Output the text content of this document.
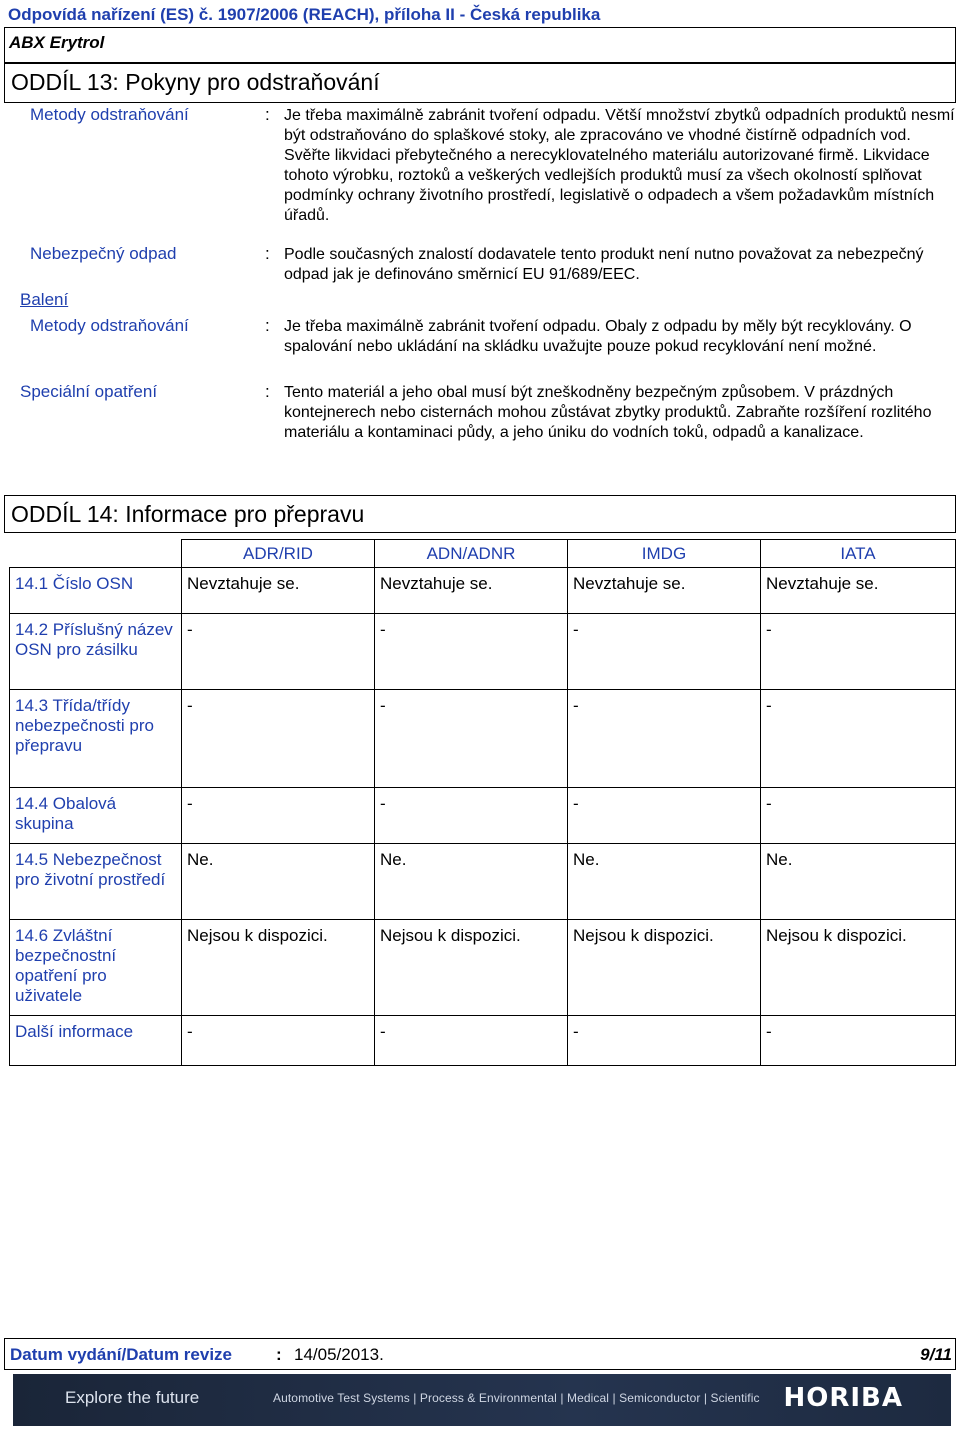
Odpovídá nařízení (ES) č. 1907/2006 (REACH), příloha II - Česká republika
ABX Erytrol
ODDÍL 13: Pokyny pro odstraňování
Metody odstraňování	: Je třeba maximálně zabránit tvoření odpadu. Větší množství zbytků odpadních produktů nesmí být odstraňováno do splaškové stoky, ale zpracováno ve vhodné čistírně odpadních vod. Svěřte likvidaci přebytečného a nerecyklovatelného materiálu autorizované firmě. Likvidace tohoto výrobku, roztoků a veškerých vedlejších produktů musí za všech okolností splňovat podmínky ochrany životního prostředí, legislativě o odpadech a všem požadavkům místních úřadů.
Nebezpečný odpad	: Podle současných znalostí dodavatele tento produkt není nutno považovat za nebezpečný odpad jak je definováno směrnicí EU 91/689/EEC.
Balení
Metody odstraňování	: Je třeba maximálně zabránit tvoření odpadu. Obaly z odpadu by měly být recyklovány. O spalování nebo ukládání na skládku uvažujte pouze pokud recyklování není možné.
Speciální opatření	: Tento materiál a jeho obal musí být zneškodněny bezpečným způsobem. V prázdných kontejnerech nebo cisternách mohou zůstávat zbytky produktů. Zabraňte rozšíření rozlitého materiálu a kontaminaci půdy, a jeho úniku do vodních toků, odpadů a kanalizace.
ODDÍL 14: Informace pro přepravu
	ADR/RID	ADN/ADNR	IMDG	IATA
14.1 Číslo OSN	Nevztahuje se.	Nevztahuje se.	Nevztahuje se.	Nevztahuje se.
14.2 Příslušný název OSN pro zásilku	-	-	-	-
14.3 Třída/třídy nebezpečnosti pro přepravu	-	-	-	-
14.4 Obalová skupina	-	-	-	-
14.5 Nebezpečnost pro životní prostředí	Ne.	Ne.	Ne.	Ne.
14.6 Zvláštní bezpečnostní opatření pro uživatele	Nejsou k dispozici.	Nejsou k dispozici.	Nejsou k dispozici.	Nejsou k dispozici.
Další informace	-	-	-	-
Datum vydání/Datum revize	: 14/05/2013.	9/11
Explore the future	Automotive Test Systems | Process & Environmental | Medical | Semiconductor | Scientific HORIBA
